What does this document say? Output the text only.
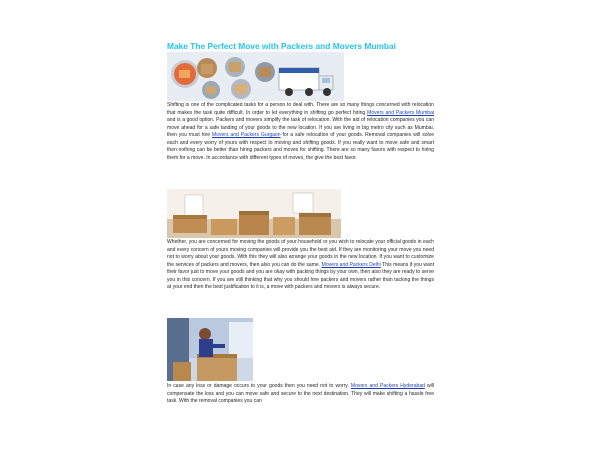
Make The Perfect Move with Packers and Movers Mumbai

Shifting is one of the complicated tasks for a person to deal with. There are so many things concerned with relocation that makes the task quite difficult. In order to let everything in shifting go perfect hiring Movers and Packers Mumbai and is a good option. Packers and movers simplify the task of relocation. With the aid of relocation companies you can move ahead for a safe landing of your goods to the new location. If you are living in big metro city such as Mumbai, then you must hire Movers and Packers Gurgaon for a safe relocation of your goods. Removal companies will solve each and every worry of yours with respect to moving and shifting goods. If you really want to move safe and smart then nothing can be better than hiring packers and moves for shifting. There are so many favors with respect to hiring them for a move. In accordance with different types of moves, the give the best favor.

Whether, you are concerned for moving the goods of your household or you wish to relocate your official goods in each and every concern of yours moving companies will provide you the best aid. If they are monitoring your move you need not to worry about your goods. With this they will also arrange your goods in the new location. If you want to customize the services of packers and movers, then also you can do the same. Movers and Packers Delhi This means if you want their favor just to move your goods and you are okay with packing things by your own, then also they are ready to serve you in this concern. If you are still thinking that why you should hire packers and movers rather than tacking the things at your end then the best justification to it is, a move with packers and movers is always secure.

In case any loss or damage occurs to your goods then you need not to worry. Movers and Packers Hyderabad will compensate the loss and you can move safe and secure to the next destination. They will make shifting a hassle free task. With the removal companies you can
